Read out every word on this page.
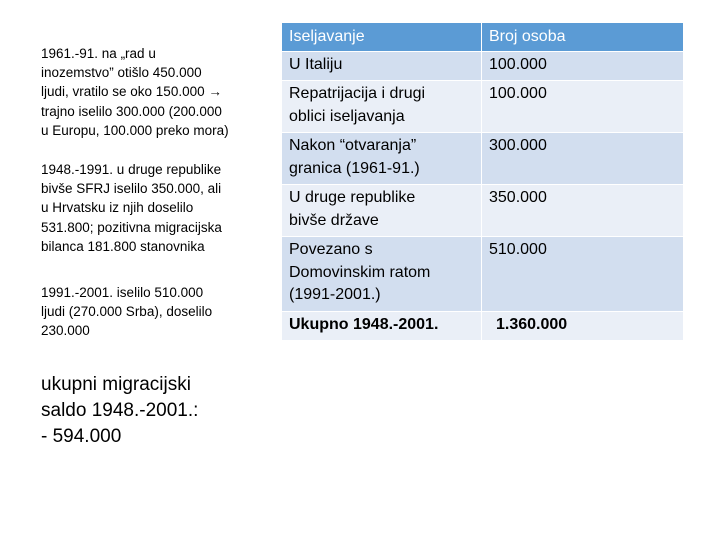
1961.-91. na „rad u
inozemstvo” otišlo 450.000
ljudi, vratilo se oko 150.000 →
trajno iselilo 300.000 (200.000
u Europu, 100.000 preko mora)
1948.-1991. u druge republike
bivše SFRJ iselilo 350.000, ali
u Hrvatsku iz njih doselilo
531.800; pozitivna migracijska
bilanca 181.800 stanovnika
1991.-2001. iselilo 510.000
ljudi (270.000 Srba), doselilo
230.000
ukupni migracijski
saldo 1948.-2001.:
- 594.000
Iseljavanje	Broj osoba

U Italiju	100.000

Repatrijacija i drugi
oblici iseljavanja	100.000

Nakon “otvaranja”
granica (1961-91.)	300.000

U druge republike
bivše države	350.000

Povezano s
Domovinskim ratom
(1991-2001.)	510.000
Ukupno 1948.-2001.	1.360.000
